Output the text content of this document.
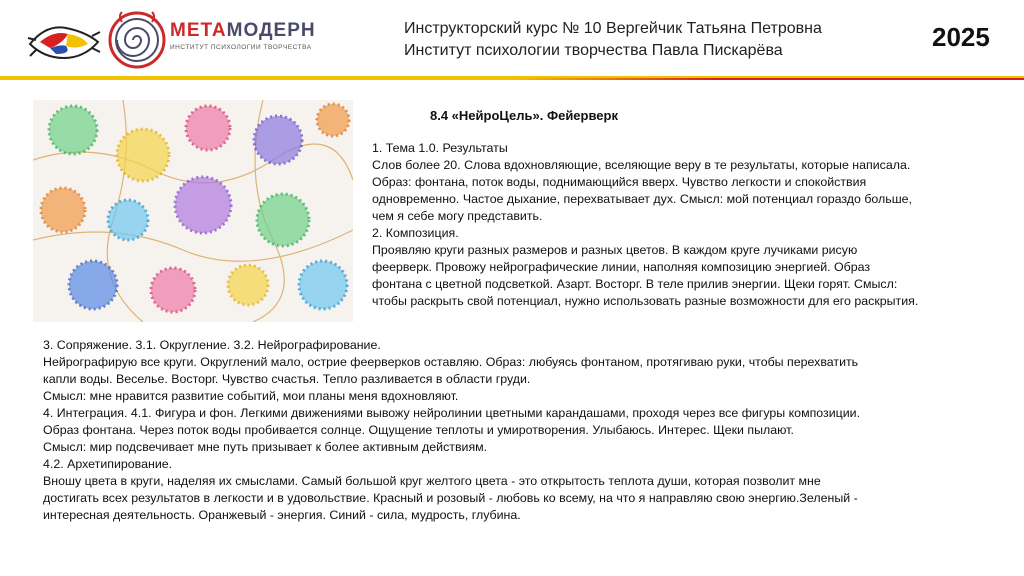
МЕТАМОДЕРН
ИНСТИТУТ ПСИХОЛОГИИ ТВОРЧЕСТВА
Инструкторский курс № 10 Вергейчик Татьяна Петровна
Институт психологии творчества Павла Пискарёва	2025
8.4 «НейроЦель». Фейерверк
1. Тема 1.0. Результаты
Слов более 20. Слова вдохновляющие, вселяющие веру в те результаты, которые написала.
Образ: фонтана, поток воды, поднимающийся вверх. Чувство легкости и спокойствия
одновременно. Частое дыхание, перехватывает дух. Смысл: мой потенциал гораздо больше,
чем я себе могу представить.
2. Композиция.
Проявляю круги разных размеров и разных цветов. В каждом круге лучиками рисую
феерверк. Провожу нейрографические линии, наполняя композицию энергией. Образ
фонтана с цветной подсветкой. Азарт. Восторг. В теле прилив энергии. Щеки горят. Смысл:
чтобы раскрыть свой потенциал, нужно использовать разные возможности для его раскрытия.
3. Сопряжение. 3.1. Округление. 3.2. Нейрографирование.
Нейрографирую все круги. Округлений мало, острие феерверков оставляю. Образ: любуясь фонтаном, протягиваю руки, чтобы перехватить
капли воды. Веселье. Восторг. Чувство счастья. Тепло разливается в области груди.
Смысл: мне нравится развитие событий, мои планы меня вдохновляют.
4. Интеграция. 4.1. Фигура и фон. Легкими движениями вывожу нейролинии цветными карандашами, проходя через все фигуры композиции.
Образ фонтана. Через поток воды пробивается солнце. Ощущение теплоты и умиротворения. Улыбаюсь. Интерес. Щеки пылают.
Смысл: мир подсвечивает мне путь призывает к более активным действиям.
4.2. Архетипирование.
Вношу цвета в круги, наделяя их смыслами. Самый большой круг желтого цвета - это открытость теплота души, которая позволит мне
достигать всех результатов в легкости и в удовольствие. Красный и розовый - любовь ко всему, на что я направляю свою энергию.Зеленый -
интересная деятельность. Оранжевый - энергия. Синий - сила, мудрость, глубина.
